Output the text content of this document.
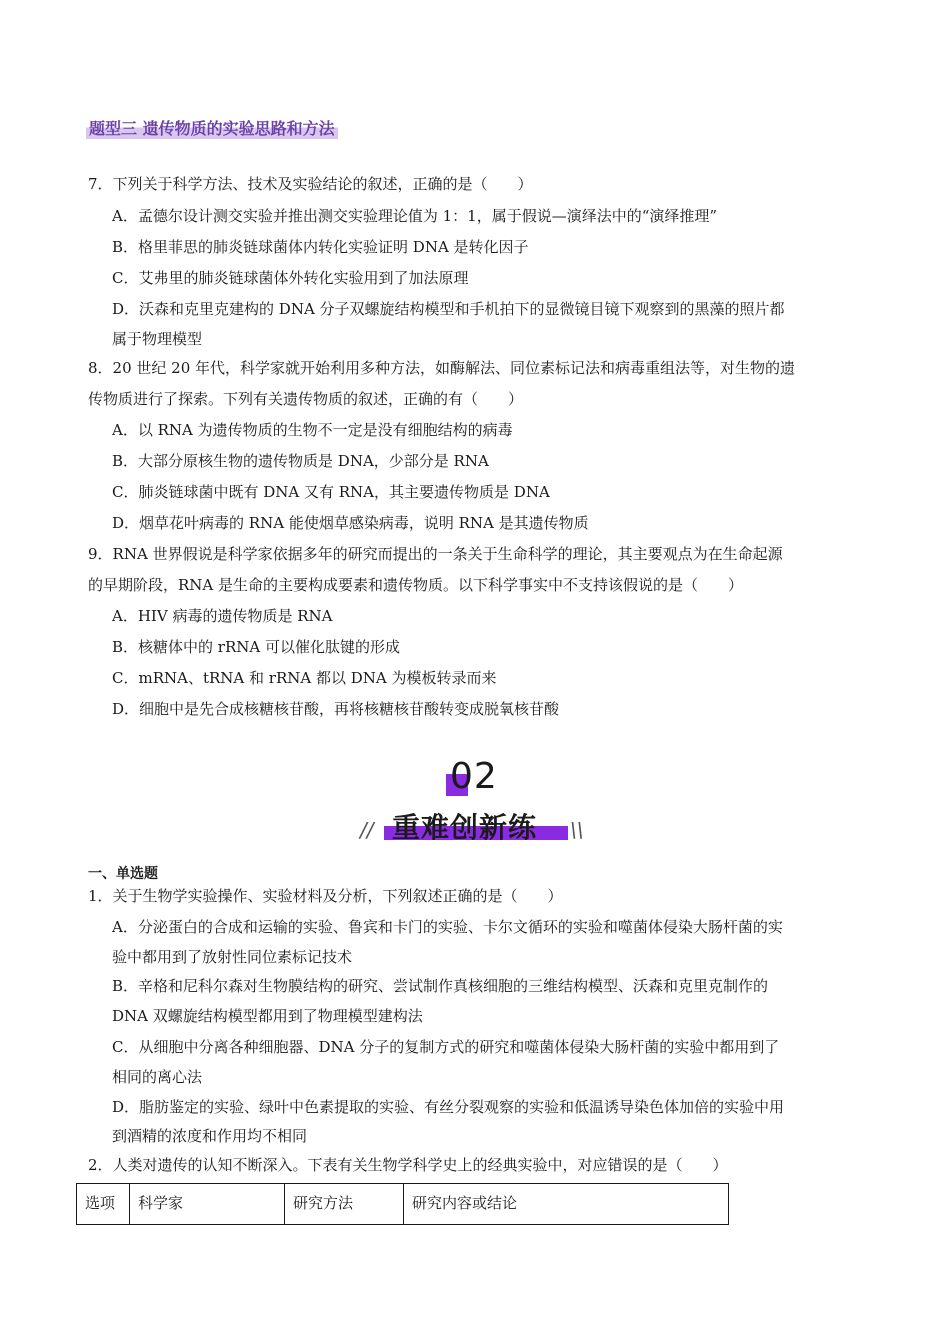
题型三 遗传物质的实验思路和方法
7．下列关于科学方法、技术及实验结论的叙述，正确的是（　　）
A．孟德尔设计测交实验并推出测交实验理论值为 1：1，属于假说—演绎法中的“演绎推理”
B．格里菲思的肺炎链球菌体内转化实验证明 DNA 是转化因子
C．艾弗里的肺炎链球菌体外转化实验用到了加法原理
D．沃森和克里克建构的 DNA 分子双螺旋结构模型和手机拍下的显微镜目镜下观察到的黑藻的照片都
属于物理模型
8．20 世纪 20 年代，科学家就开始利用多种方法，如酶解法、同位素标记法和病毒重组法等，对生物的遗
传物质进行了探索。下列有关遗传物质的叙述，正确的有（　　）
A．以 RNA 为遗传物质的生物不一定是没有细胞结构的病毒
B．大部分原核生物的遗传物质是 DNA，少部分是 RNA
C．肺炎链球菌中既有 DNA 又有 RNA，其主要遗传物质是 DNA
D．烟草花叶病毒的 RNA 能使烟草感染病毒，说明 RNA 是其遗传物质
9．RNA 世界假说是科学家依据多年的研究而提出的一条关于生命科学的理论，其主要观点为在生命起源
的早期阶段，RNA 是生命的主要构成要素和遗传物质。以下科学事实中不支持该假说的是（　　）
A．HIV 病毒的遗传物质是 RNA
B．核糖体中的 rRNA 可以催化肽键的形成
C．mRNA、tRNA 和 rRNA 都以 DNA 为模板转录而来
D．细胞中是先合成核糖核苷酸，再将核糖核苷酸转变成脱氧核苷酸
02
重难创新练
//	\\
一、单选题
1．关于生物学实验操作、实验材料及分析，下列叙述正确的是（　　）
A．分泌蛋白的合成和运输的实验、鲁宾和卡门的实验、卡尔文循环的实验和噬菌体侵染大肠杆菌的实
验中都用到了放射性同位素标记技术
B．辛格和尼科尔森对生物膜结构的研究、尝试制作真核细胞的三维结构模型、沃森和克里克制作的
DNA 双螺旋结构模型都用到了物理模型建构法
C．从细胞中分离各种细胞器、DNA 分子的复制方式的研究和噬菌体侵染大肠杆菌的实验中都用到了
相同的离心法
D．脂肪鉴定的实验、绿叶中色素提取的实验、有丝分裂观察的实验和低温诱导染色体加倍的实验中用
到酒精的浓度和作用均不相同
2．人类对遗传的认知不断深入。下表有关生物学科学史上的经典实验中，对应错误的是（　　）
选项	科学家	研究方法	研究内容或结论
